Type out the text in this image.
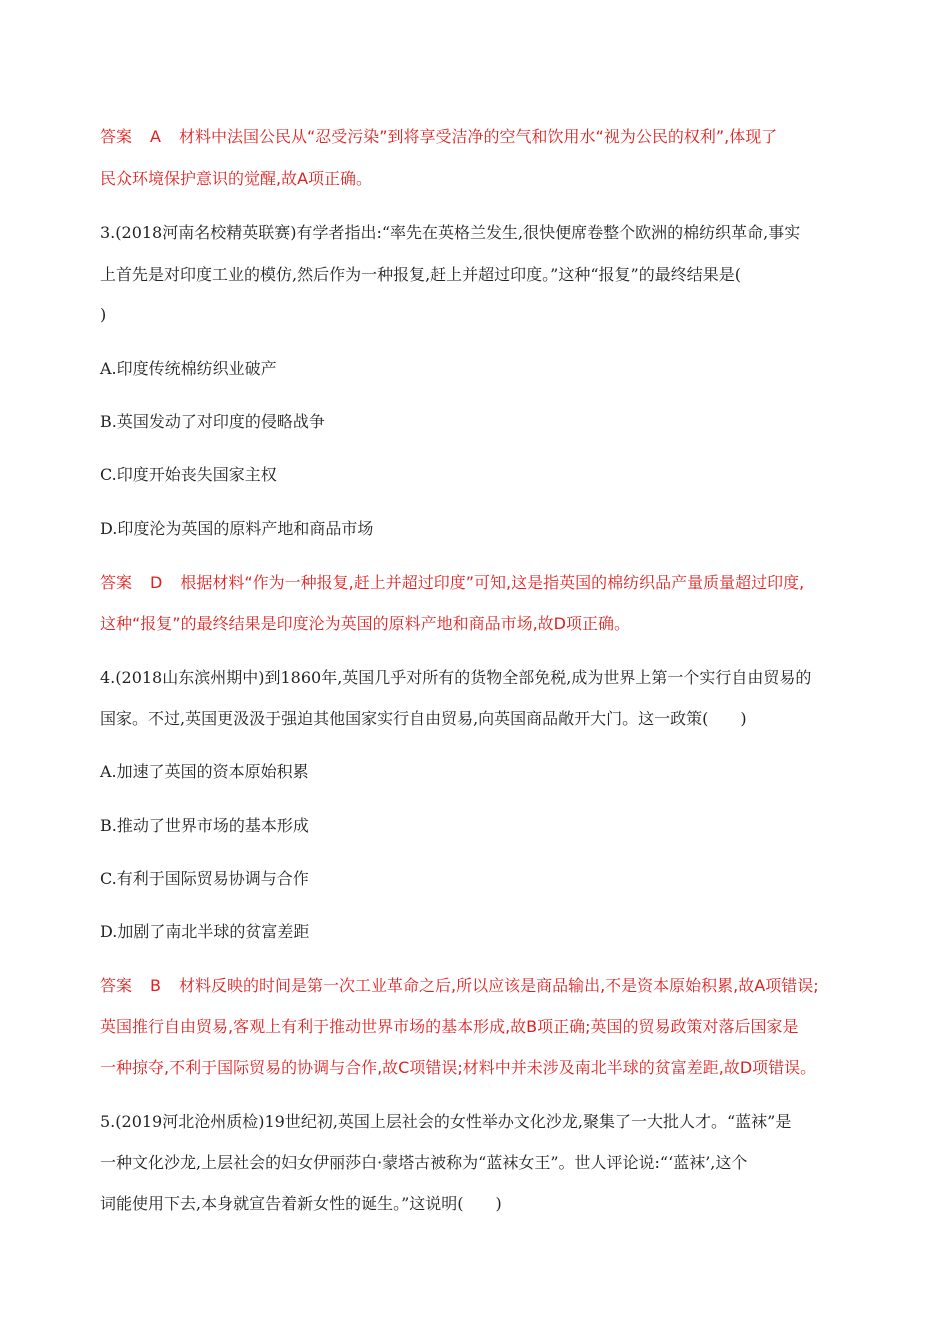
答案 A 材料中法国公民从“忍受污染”到将享受洁净的空气和饮用水“视为公民的权利”,体现了
民众环境保护意识的觉醒,故A项正确。
3.(2018河南名校精英联赛)有学者指出:“率先在英格兰发生,很快便席卷整个欧洲的棉纺织革命,事实
上首先是对印度工业的模仿,然后作为一种报复,赶上并超过印度。”这种“报复”的最终结果是(
)
A.印度传统棉纺织业破产
B.英国发动了对印度的侵略战争
C.印度开始丧失国家主权
D.印度沦为英国的原料产地和商品市场
答案 D 根据材料“作为一种报复,赶上并超过印度”可知,这是指英国的棉纺织品产量质量超过印度,
这种“报复”的最终结果是印度沦为英国的原料产地和商品市场,故D项正确。
4.(2018山东滨州期中)到1860年,英国几乎对所有的货物全部免税,成为世界上第一个实行自由贸易的
国家。不过,英国更汲汲于强迫其他国家实行自由贸易,向英国商品敞开大门。这一政策(　　)
A.加速了英国的资本原始积累
B.推动了世界市场的基本形成
C.有利于国际贸易协调与合作
D.加剧了南北半球的贫富差距
答案 B 材料反映的时间是第一次工业革命之后,所以应该是商品输出,不是资本原始积累,故A项错误;
英国推行自由贸易,客观上有利于推动世界市场的基本形成,故B项正确;英国的贸易政策对落后国家是
一种掠夺,不利于国际贸易的协调与合作,故C项错误;材料中并未涉及南北半球的贫富差距,故D项错误。
5.(2019河北沧州质检)19世纪初,英国上层社会的女性举办文化沙龙,聚集了一大批人才。“蓝袜”是
一种文化沙龙,上层社会的妇女伊丽莎白·蒙塔古被称为“蓝袜女王”。世人评论说:“‘蓝袜’,这个
词能使用下去,本身就宣告着新女性的诞生。”这说明(　　)
